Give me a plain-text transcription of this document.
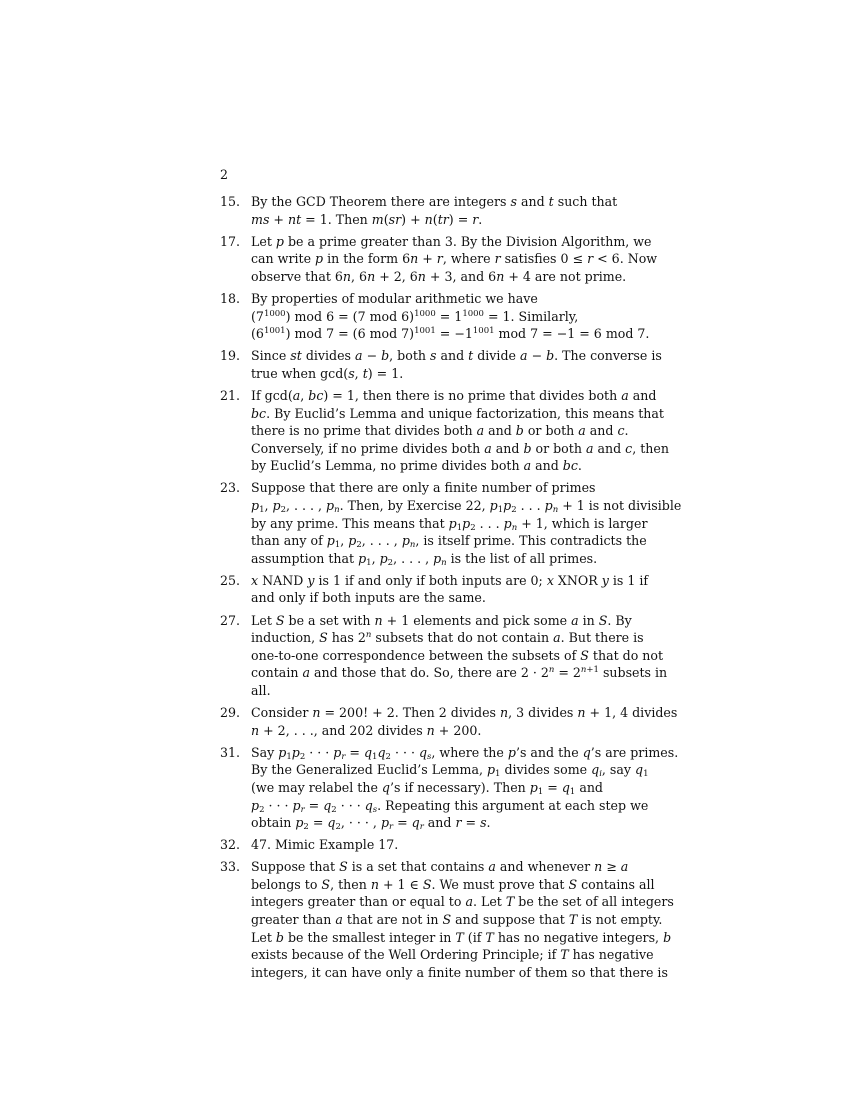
2
15. By the GCD Theorem there are integers s and t such that
ms + nt = 1. Then m(sr) + n(tr) = r.
17. Let p be a prime greater than 3. By the Division Algorithm, we
can write p in the form 6n + r, where r satisfies 0 ≤ r < 6. Now
observe that 6n, 6n + 2, 6n + 3, and 6n + 4 are not prime.
18. By properties of modular arithmetic we have
$(7^{1000})$ mod 6 = (7 mod $6)^{1000} = 1^{1000} = 1$. Similarly,
$(6^{1001})$ mod 7 = (6 mod $7)^{1001} = -1^{1001}$ mod 7 = −1 = 6 mod 7.
19. Since st divides a − b, both s and t divide a − b. The converse is
true when gcd(s, t) = 1.
21. If gcd(a, bc) = 1, then there is no prime that divides both a and
bc. By Euclid’s Lemma and unique factorization, this means that
there is no prime that divides both a and b or both a and c.
Conversely, if no prime divides both a and b or both a and c, then
by Euclid’s Lemma, no prime divides both a and bc.
23. Suppose that there are only a finite number of primes
$p_1$, $p_2$, . . . , $p_n$. Then, by Exercise 22, $p_1p_2$ . . . $p_n + 1$ is not divisible
by any prime. This means that $p_1p_2$ . . . $p_n + 1$, which is larger
than any of $p_1$, $p_2$, . . . , $p_n$, is itself prime. This contradicts the
assumption that $p_1$, $p_2$, . . . , $p_n$ is the list of all primes.
25. x NAND y is 1 if and only if both inputs are 0; x XNOR y is 1 if
and only if both inputs are the same.
27. Let S be a set with n + 1 elements and pick some a in S. By
induction, S has 2$^n$ subsets that do not contain a. But there is
one-to-one correspondence between the subsets of S that do not
contain a and those that do. So, there are $2 \cdot 2^n = 2^{n+1}$ subsets in
all.
29. Consider n = 200! + 2. Then 2 divides n, 3 divides n + 1, 4 divides
n + 2, . . ., and 202 divides n + 200.
31. Say $p_1p_2$ · · · $p_r = q_1q_2$ · · · $q_s$, where the p’s and the q’s are primes.
By the Generalized Euclid’s Lemma, $p_1$ divides some $q_i$, say $q_1$
(we may relabel the q’s if necessary). Then $p_1 = q_1$ and
$p_2$ · · · $p_r = q_2$ · · · $q_s$. Repeating this argument at each step we
obtain $p_2 = q_2$, · · · , $p_r = q_r$ and r = s.
32. 47. Mimic Example 17.
33. Suppose that S is a set that contains a and whenever n ≥ a
belongs to S, then n + 1 ∈ S. We must prove that S contains all
integers greater than or equal to a. Let T be the set of all integers
greater than a that are not in S and suppose that T is not empty.
Let b be the smallest integer in T (if T has no negative integers, b
exists because of the Well Ordering Principle; if T has negative
integers, it can have only a finite number of them so that there is
